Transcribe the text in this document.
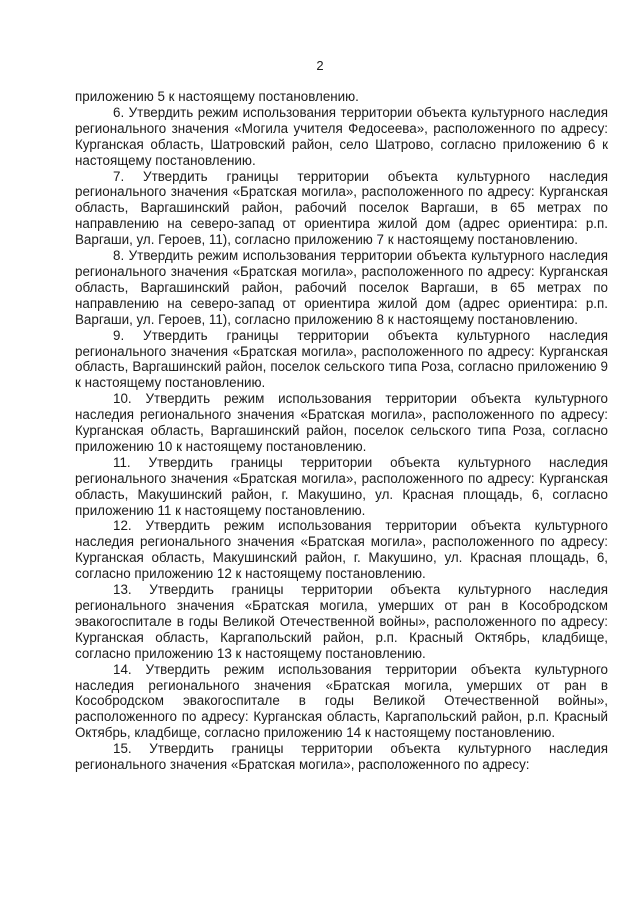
2

приложению 5 к настоящему постановлению.

6. Утвердить режим использования территории объекта культурного наследия регионального значения «Могила учителя Федосеева», расположенного по адресу: Курганская область, Шатровский район, село Шатрово, согласно приложению 6 к настоящему постановлению.

7. Утвердить границы территории объекта культурного наследия регионального значения «Братская могила», расположенного по адресу: Курганская область, Варгашинский район, рабочий поселок Варгаши, в 65 метрах по направлению на северо-запад от ориентира жилой дом (адрес ориентира: р.п. Варгаши, ул. Героев, 11), согласно приложению 7 к настоящему постановлению.

8. Утвердить режим использования территории объекта культурного наследия регионального значения «Братская могила», расположенного по адресу: Курганская область, Варгашинский район, рабочий поселок Варгаши, в 65 метрах по направлению на северо-запад от ориентира жилой дом (адрес ориентира: р.п. Варгаши, ул. Героев, 11), согласно приложению 8 к настоящему постановлению.

9. Утвердить границы территории объекта культурного наследия регионального значения «Братская могила», расположенного по адресу: Курганская область, Варгашинский район, поселок сельского типа Роза, согласно приложению 9 к настоящему постановлению.

10. Утвердить режим использования территории объекта культурного наследия регионального значения «Братская могила», расположенного по адресу: Курганская область, Варгашинский район, поселок сельского типа Роза, согласно приложению 10 к настоящему постановлению.

11. Утвердить границы территории объекта культурного наследия регионального значения «Братская могила», расположенного по адресу: Курганская область, Макушинский район, г. Макушино, ул. Красная площадь, 6, согласно приложению 11 к настоящему постановлению.

12. Утвердить режим использования территории объекта культурного наследия регионального значения «Братская могила», расположенного по адресу: Курганская область, Макушинский район, г. Макушино, ул. Красная площадь, 6, согласно приложению 12 к настоящему постановлению.

13. Утвердить границы территории объекта культурного наследия регионального значения «Братская могила, умерших от ран в Кособродском эвакогоспитале в годы Великой Отечественной войны», расположенного по адресу: Курганская область, Каргапольский район, р.п. Красный Октябрь, кладбище, согласно приложению 13 к настоящему постановлению.

14. Утвердить режим использования территории объекта культурного наследия регионального значения «Братская могила, умерших от ран в Кособродском эвакогоспитале в годы Великой Отечественной войны», расположенного по адресу: Курганская область, Каргапольский район, р.п. Красный Октябрь, кладбище, согласно приложению 14 к настоящему постановлению.

15. Утвердить границы территории объекта культурного наследия регионального значения «Братская могила», расположенного по адресу:
